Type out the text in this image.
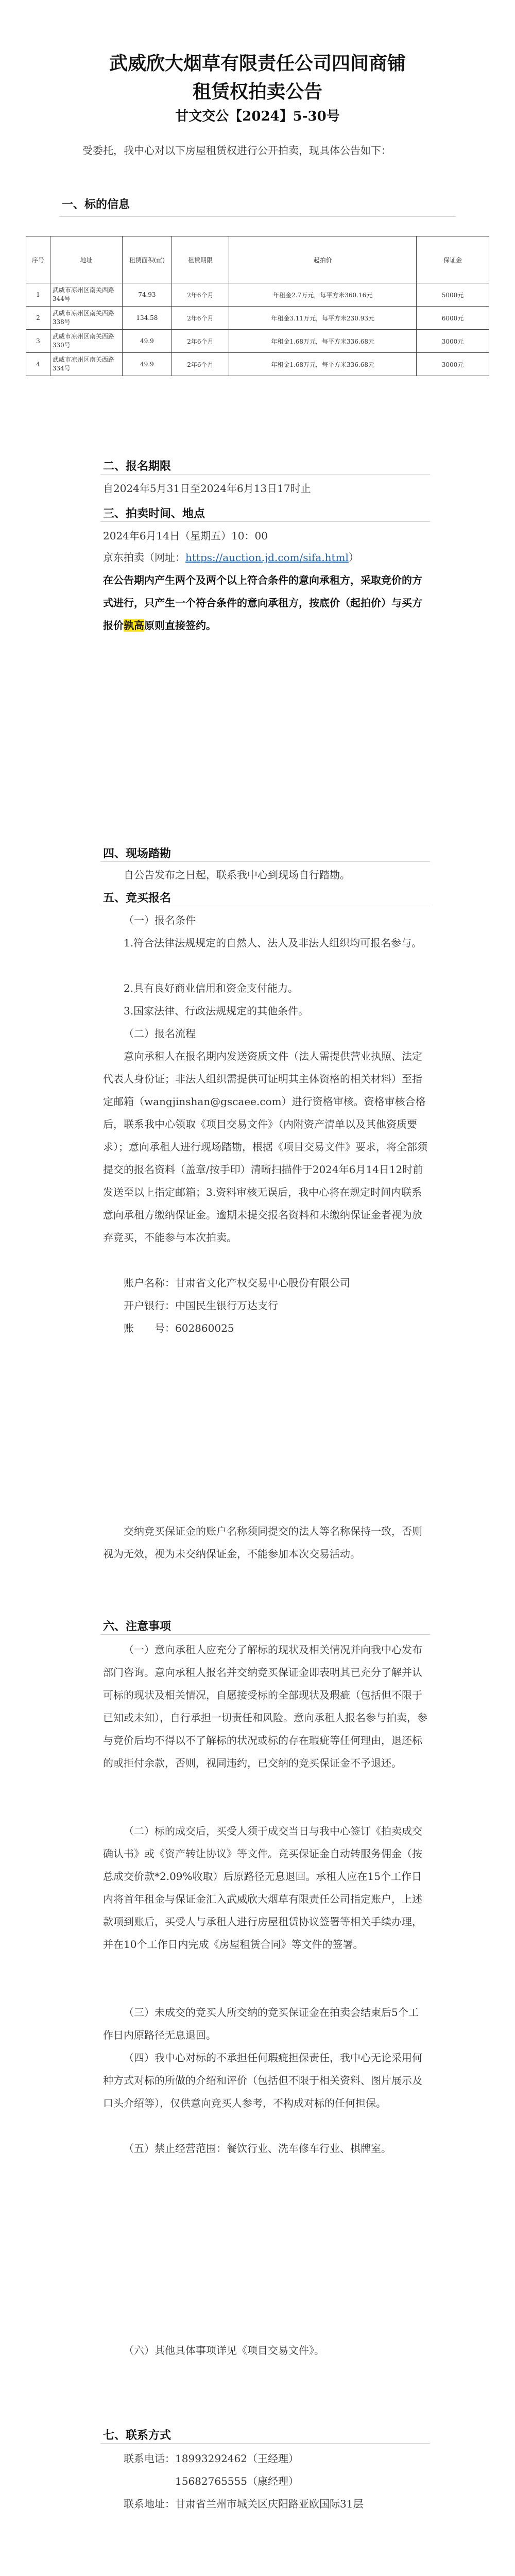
武威欣大烟草有限责任公司四间商铺

租赁权拍卖公告

甘文交公【2024】5-30号

受委托，我中心对以下房屋租赁权进行公开拍卖，现具体公告如下：

一、标的信息

序号	地址	租赁面积(㎡)	租赁期限	起拍价	保证金
1	武威市凉州区南关西路344号	74.93	2年6个月	年租金2.7万元，每平方米360.16元	5000元
2	武威市凉州区南关西路338号	134.58	2年6个月	年租金3.11万元，每平方米230.93元	6000元
3	武威市凉州区南关西路330号	49.9	2年6个月	年租金1.68万元，每平方米336.68元	3000元
4	武威市凉州区南关西路334号	49.9	2年6个月	年租金1.68万元，每平方米336.68元	3000元

二、报名期限

自2024年5月31日至2024年6月13日17时止

三、拍卖时间、地点

2024年6月14日（星期五）10：00

京东拍卖（网址：https://auction.jd.com/sifa.html）

在公告期内产生两个及两个以上符合条件的意向承租方，采取竞价的方式进行，只产生一个符合条件的意向承租方，按底价（起拍价）与买方报价孰高原则直接签约。

四、现场踏勘

自公告发布之日起，联系我中心到现场自行踏勘。

五、竞买报名

（一）报名条件

1.符合法律法规规定的自然人、法人及非法人组织均可报名参与。

2.具有良好商业信用和资金支付能力。

3.国家法律、行政法规规定的其他条件。

（二）报名流程

意向承租人在报名期内发送资质文件（法人需提供营业执照、法定代表人身份证；非法人组织需提供可证明其主体资格的相关材料）至指定邮箱（wangjinshan@gscaee.com）进行资格审核。资格审核合格后，联系我中心领取《项目交易文件》（内附资产清单以及其他资质要求）；意向承租人进行现场踏勘，根据《项目交易文件》要求，将全部须提交的报名资料（盖章/按手印）清晰扫描件于2024年6月14日12时前发送至以上指定邮箱；3.资料审核无误后，我中心将在规定时间内联系意向承租方缴纳保证金。逾期未提交报名资料和未缴纳保证金者视为放弃竞买，不能参与本次拍卖。

账户名称：甘肃省文化产权交易中心股份有限公司

开户银行：中国民生银行万达支行

账　　号：602860025

交纳竞买保证金的账户名称须同提交的法人等名称保持一致，否则视为无效，视为未交纳保证金，不能参加本次交易活动。

六、注意事项

（一）意向承租人应充分了解标的现状及相关情况并向我中心发布部门咨询。意向承租人报名并交纳竞买保证金即表明其已充分了解并认可标的现状及相关情况，自愿接受标的全部现状及瑕疵（包括但不限于已知或未知），自行承担一切责任和风险。意向承租人报名参与拍卖，参与竞价后均不得以不了解标的状况或标的存在瑕疵等任何理由，退还标的或拒付余款，否则，视同违约，已交纳的竞买保证金不予退还。

（二）标的成交后，买受人须于成交当日与我中心签订《拍卖成交确认书》或《资产转让协议》等文件。竞买保证金自动转服务佣金（按总成交价款*2.09%收取）后原路径无息退回。承租人应在15个工作日内将首年租金与保证金汇入武威欣大烟草有限责任公司指定账户，上述款项到账后，买受人与承租人进行房屋租赁协议签署等相关手续办理，并在10个工作日内完成《房屋租赁合同》等文件的签署。

（三）未成交的竞买人所交纳的竞买保证金在拍卖会结束后5个工作日内原路径无息退回。

（四）我中心对标的不承担任何瑕疵担保责任，我中心无论采用何种方式对标的所做的介绍和评价（包括但不限于相关资料、图片展示及口头介绍等），仅供意向竞买人参考，不构成对标的任何担保。

（五）禁止经营范围：餐饮行业、洗车修车行业、棋牌室。

（六）其他具体事项详见《项目交易文件》。

七、联系方式

联系电话：18993292462（王经理）

15682765555（康经理）

联系地址：甘肃省兰州市城关区庆阳路亚欧国际31层
